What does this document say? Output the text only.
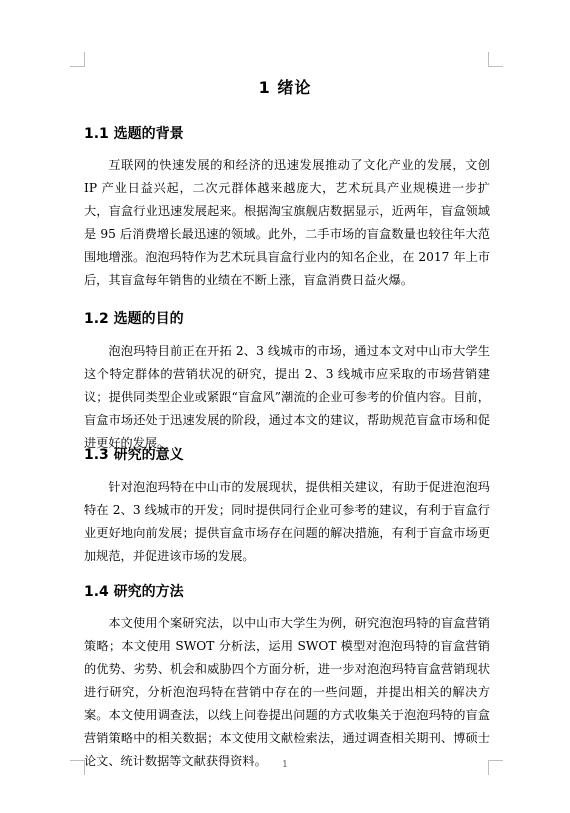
1 绪论
1.1 选题的背景

互联网的快速发展的和经济的迅速发展推动了文化产业的发展，文创 IP 产业日益兴起，二次元群体越来越庞大，艺术玩具产业规模进一步扩大，盲盒行业迅速发展起来。根据淘宝旗舰店数据显示，近两年，盲盒领域是 95 后消费增长最迅速的领域。此外，二手市场的盲盒数量也较往年大范围地增涨。泡泡玛特作为艺术玩具盲盒行业内的知名企业，在 2017 年上市后，其盲盒每年销售的业绩在不断上涨，盲盒消费日益火爆。

1.2 选题的目的

泡泡玛特目前正在开拓 2、3 线城市的市场，通过本文对中山市大学生这个特定群体的营销状况的研究，提出 2、3 线城市应采取的市场营销建议；提供同类型企业或紧跟“盲盒风”潮流的企业可参考的价值内容。目前，盲盒市场还处于迅速发展的阶段，通过本文的建议，帮助规范盲盒市场和促进更好的发展。

1.3 研究的意义

针对泡泡玛特在中山市的发展现状，提供相关建议，有助于促进泡泡玛特在 2、3 线城市的开发；同时提供同行企业可参考的建议，有利于盲盒行业更好地向前发展；提供盲盒市场存在问题的解决措施，有利于盲盒市场更加规范，并促进该市场的发展。

1.4 研究的方法

本文使用个案研究法，以中山市大学生为例，研究泡泡玛特的盲盒营销策略；本文使用 SWOT 分析法，运用 SWOT 模型对泡泡玛特的盲盒营销的优势、劣势、机会和威胁四个方面分析，进一步对泡泡玛特盲盒营销现状进行研究，分析泡泡玛特在营销中存在的一些问题，并提出相关的解决方案。本文使用调查法，以线上问卷提出问题的方式收集关于泡泡玛特的盲盒营销策略中的相关数据；本文使用文献检索法，通过调查相关期刊、博硕士论文、统计数据等文献获得资料。	1
